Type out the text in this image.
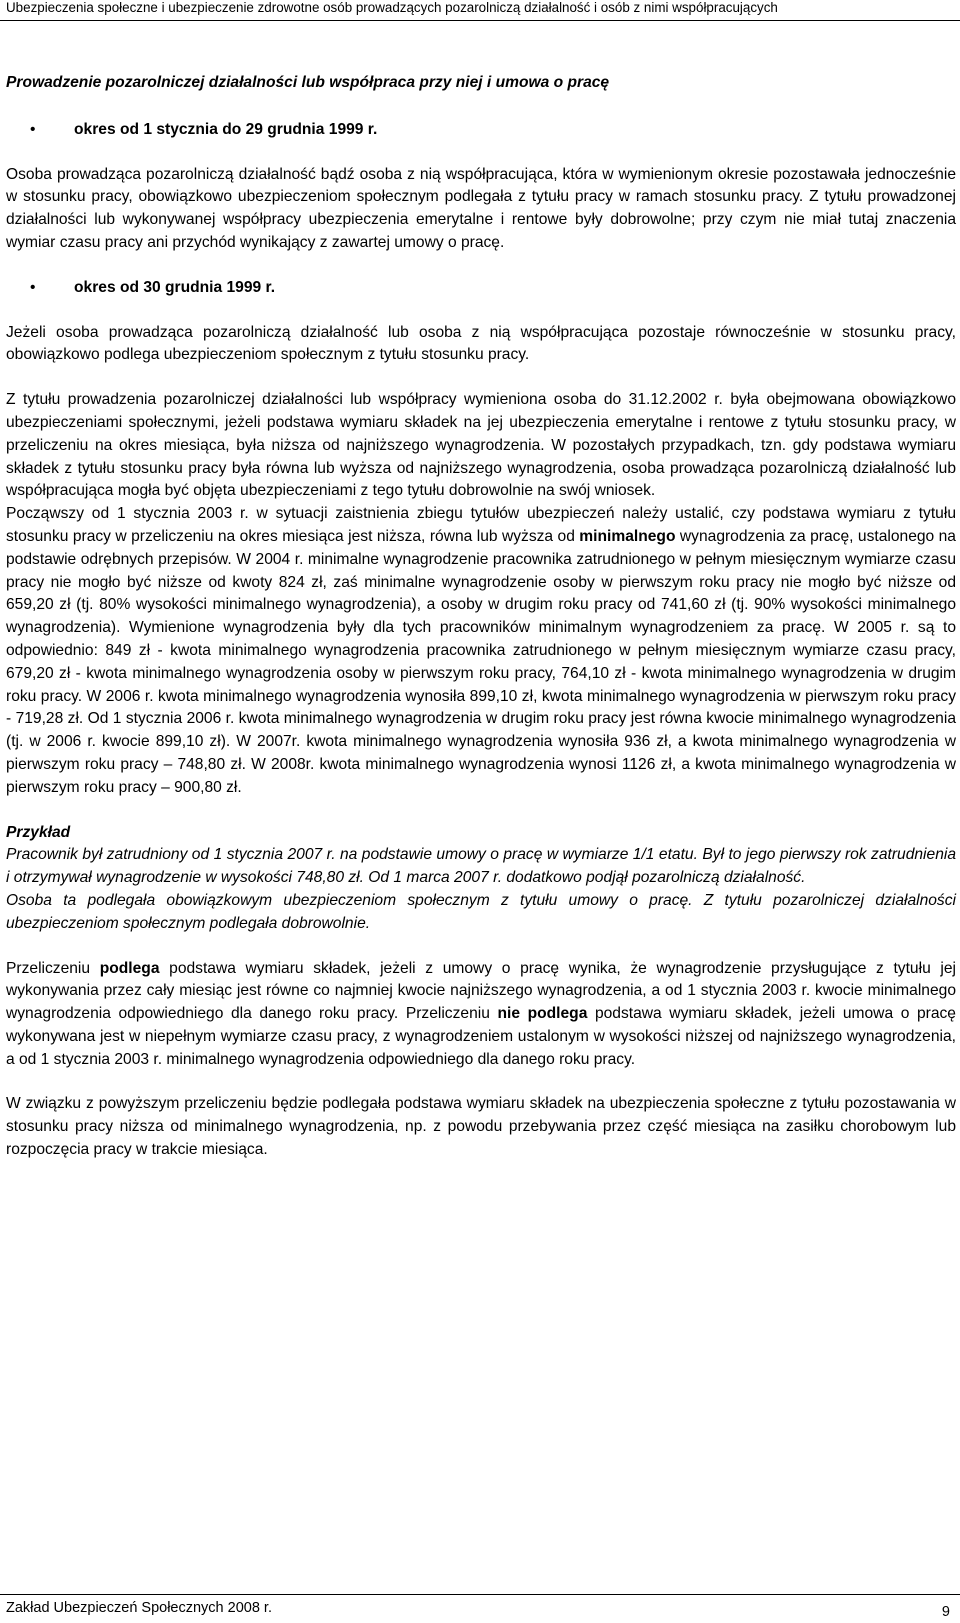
Ubezpieczenia społeczne i ubezpieczenie zdrowotne osób prowadzących pozarolniczą działalność i osób z nimi współpracujących

Prowadzenie pozarolniczej działalności lub współpraca przy niej i umowa o pracę

• okres od 1 stycznia do 29 grudnia 1999 r.

Osoba prowadząca pozarolniczą działalność bądź osoba z nią współpracująca, która w wymienionym okresie pozostawała jednocześnie w stosunku pracy, obowiązkowo ubezpieczeniom społecznym podlegała z tytułu pracy w ramach stosunku pracy. Z tytułu prowadzonej działalności lub wykonywanej współpracy ubezpieczenia emerytalne i rentowe były dobrowolne; przy czym nie miał tutaj znaczenia wymiar czasu pracy ani przychód wynikający z zawartej umowy o pracę.

• okres od 30 grudnia 1999 r.

Jeżeli osoba prowadząca pozarolniczą działalność lub osoba z nią współpracująca pozostaje równocześnie w stosunku pracy, obowiązkowo podlega ubezpieczeniom społecznym z tytułu stosunku pracy.

Z tytułu prowadzenia pozarolniczej działalności lub współpracy wymieniona osoba do 31.12.2002 r. była obejmowana obowiązkowo ubezpieczeniami społecznymi, jeżeli podstawa wymiaru składek na jej ubezpieczenia emerytalne i rentowe z tytułu stosunku pracy, w przeliczeniu na okres miesiąca, była niższa od najniższego wynagrodzenia. W pozostałych przypadkach, tzn. gdy podstawa wymiaru składek z tytułu stosunku pracy była równa lub wyższa od najniższego wynagrodzenia, osoba prowadząca pozarolniczą działalność lub współpracująca mogła być objęta ubezpieczeniami z tego tytułu dobrowolnie na swój wniosek.

Począwszy od 1 stycznia 2003 r. w sytuacji zaistnienia zbiegu tytułów ubezpieczeń należy ustalić, czy podstawa wymiaru z tytułu stosunku pracy w przeliczeniu na okres miesiąca jest niższa, równa lub wyższa od minimalnego wynagrodzenia za pracę, ustalonego na podstawie odrębnych przepisów. W 2004 r. minimalne wynagrodzenie pracownika zatrudnionego w pełnym miesięcznym wymiarze czasu pracy nie mogło być niższe od kwoty 824 zł, zaś minimalne wynagrodzenie osoby w pierwszym roku pracy nie mogło być niższe od 659,20 zł (tj. 80% wysokości minimalnego wynagrodzenia), a osoby w drugim roku pracy od 741,60 zł (tj. 90% wysokości minimalnego wynagrodzenia). Wymienione wynagrodzenia były dla tych pracowników minimalnym wynagrodzeniem za pracę. W 2005 r. są to odpowiednio: 849 zł - kwota minimalnego wynagrodzenia pracownika zatrudnionego w pełnym miesięcznym wymiarze czasu pracy, 679,20 zł - kwota minimalnego wynagrodzenia osoby w pierwszym roku pracy, 764,10 zł - kwota minimalnego wynagrodzenia w drugim roku pracy. W 2006 r. kwota minimalnego wynagrodzenia wynosiła 899,10 zł, kwota minimalnego wynagrodzenia w pierwszym roku pracy - 719,28 zł. Od 1 stycznia 2006 r. kwota minimalnego wynagrodzenia w drugim roku pracy jest równa kwocie minimalnego wynagrodzenia (tj. w 2006 r. kwocie 899,10 zł). W 2007r. kwota minimalnego wynagrodzenia wynosiła 936 zł, a kwota minimalnego wynagrodzenia w pierwszym roku pracy – 748,80 zł. W 2008r. kwota minimalnego wynagrodzenia wynosi 1126 zł, a kwota minimalnego wynagrodzenia w pierwszym roku pracy – 900,80 zł.

Przykład

Pracownik był zatrudniony od 1 stycznia 2007 r. na podstawie umowy o pracę w wymiarze 1/1 etatu. Był to jego pierwszy rok zatrudnienia i otrzymywał wynagrodzenie w wysokości 748,80 zł. Od 1 marca 2007 r. dodatkowo podjął pozarolniczą działalność.

Osoba ta podlegała obowiązkowym ubezpieczeniom społecznym z tytułu umowy o pracę. Z tytułu pozarolniczej działalności ubezpieczeniom społecznym podlegała dobrowolnie.

Przeliczeniu podlega podstawa wymiaru składek, jeżeli z umowy o pracę wynika, że wynagrodzenie przysługujące z tytułu jej wykonywania przez cały miesiąc jest równe co najmniej kwocie najniższego wynagrodzenia, a od 1 stycznia 2003 r. kwocie minimalnego wynagrodzenia odpowiedniego dla danego roku pracy. Przeliczeniu nie podlega podstawa wymiaru składek, jeżeli umowa o pracę wykonywana jest w niepełnym wymiarze czasu pracy, z wynagrodzeniem ustalonym w wysokości niższej od najniższego wynagrodzenia, a od 1 stycznia 2003 r. minimalnego wynagrodzenia odpowiedniego dla danego roku pracy.

W związku z powyższym przeliczeniu będzie podlegała podstawa wymiaru składek na ubezpieczenia społeczne z tytułu pozostawania w stosunku pracy niższa od minimalnego wynagrodzenia, np. z powodu przebywania przez część miesiąca na zasiłku chorobowym lub rozpoczęcia pracy w trakcie miesiąca.

Zakład Ubezpieczeń Społecznych 2008 r.	9
